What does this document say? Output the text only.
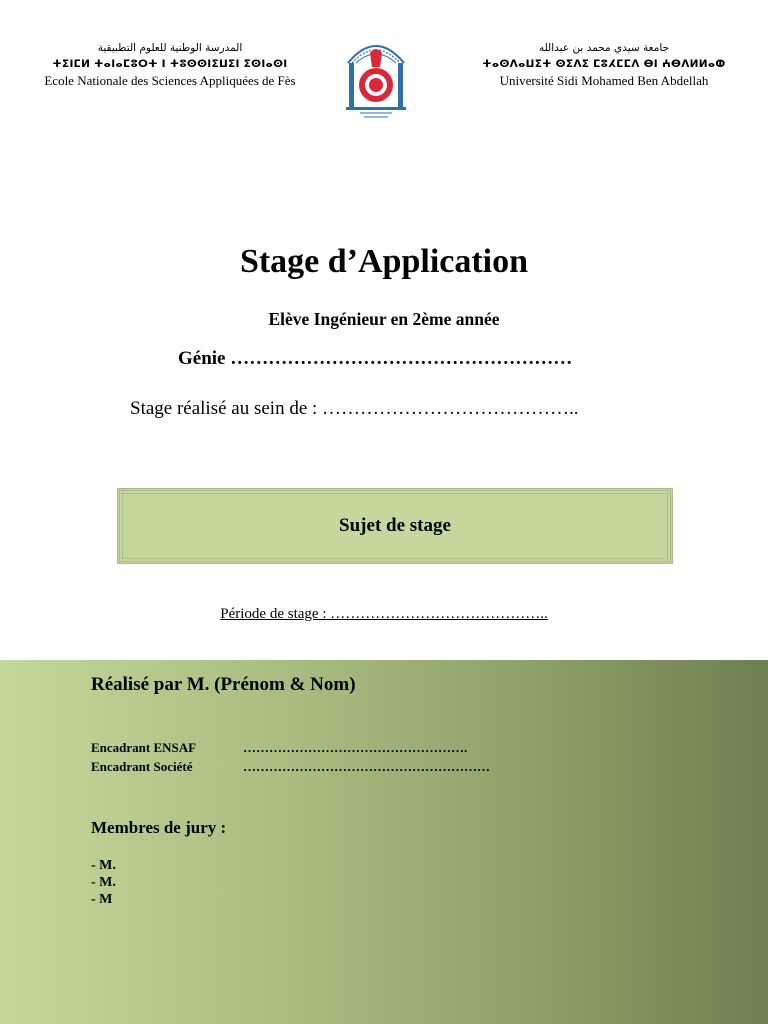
المدرسة الوطنية للعلوم التطبيقية
ⵜⵉⵏⵎⵍ ⵜⴰⵏⴰⵎⵓⵔⵜ ⵏ ⵜⵓⵙⵙⵏⵉⵡⵉⵏ ⵉⵙⵏⴰⵙⵏ
Ecole Nationale des Sciences Appliquées de Fès
جامعة سيدي محمد بن عبدالله
ⵜⴰⵙⴷⴰⵡⵉⵜ ⵙⵉⴷⵉ ⵎⵓⵃⵎⵎⴷ ⴱⵏ ⵄⴱⴷⵍⵍⴰⵀ
Université Sidi Mohamed Ben Abdellah
Stage d’Application
Elève Ingénieur en 2ème année
Génie ………………………………………………
Stage réalisé au sein de : …………………………………..
Sujet de stage
Période de stage : ……………………………………..
Réalisé par M. (Prénom & Nom)
Encadrant ENSAF	…………………………………………….
Encadrant Société	…………………………………………………
Membres de jury :
- M.
- M.
- M
